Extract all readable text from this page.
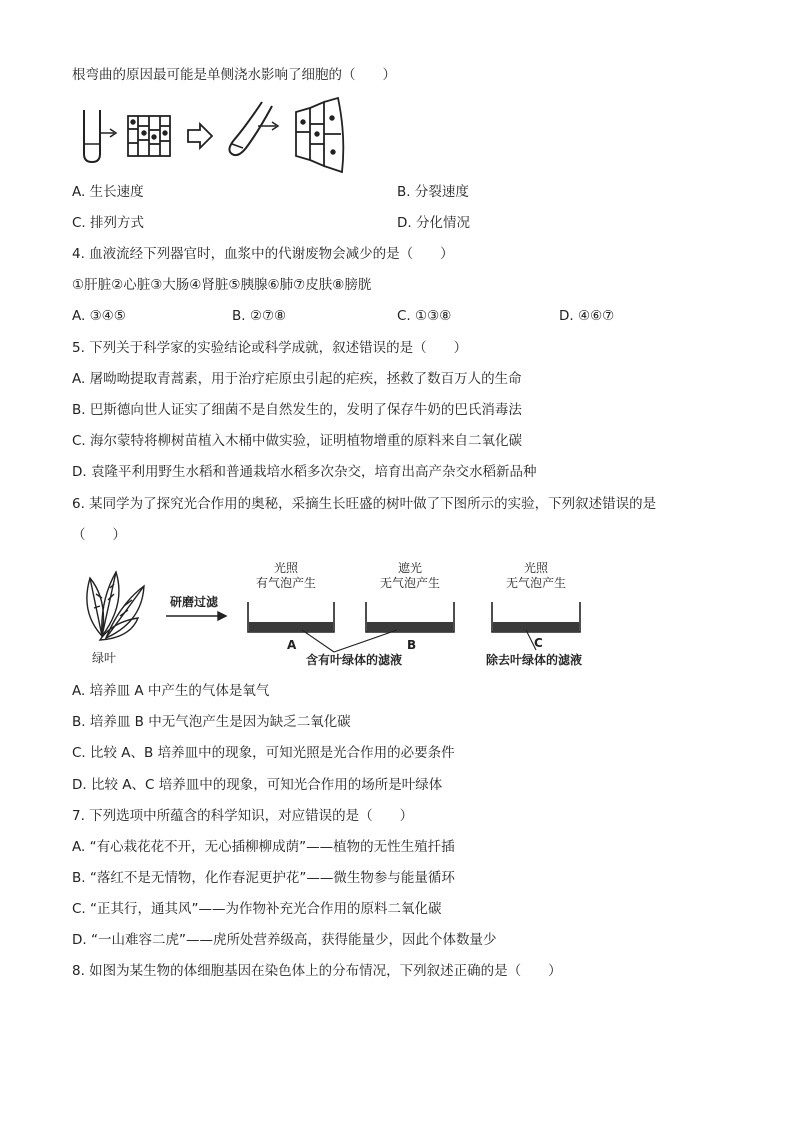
根弯曲的原因最可能是单侧浇水影响了细胞的（　　）
A. 生长速度	B. 分裂速度
C. 排列方式	D. 分化情况
4. 血液流经下列器官时，血浆中的代谢废物会减少的是（　　）
①肝脏②心脏③大肠④肾脏⑤胰腺⑥肺⑦皮肤⑧膀胱
A. ③④⑤	B. ②⑦⑧	C. ①③⑧	D. ④⑥⑦
5. 下列关于科学家的实验结论或科学成就，叙述错误的是（　　）
A. 屠呦呦提取青蒿素，用于治疗疟原虫引起的疟疾，拯救了数百万人的生命
B. 巴斯德向世人证实了细菌不是自然发生的，发明了保存牛奶的巴氏消毒法
C. 海尔蒙特将柳树苗植入木桶中做实验，证明植物增重的原料来自二氧化碳
D. 袁隆平利用野生水稻和普通栽培水稻多次杂交，培育出高产杂交水稻新品种
6. 某同学为了探究光合作用的奥秘，采摘生长旺盛的树叶做了下图所示的实验，下列叙述错误的是
（　　）
绿叶
研磨过滤
光照
有气泡产生
A
遮光
无气泡产生
B
光照
无气泡产生
C
含有叶绿体的滤液	除去叶绿体的滤液
A. 培养皿 A 中产生的气体是氧气
B. 培养皿 B 中无气泡产生是因为缺乏二氧化碳
C. 比较 A、B 培养皿中的现象，可知光照是光合作用的必要条件
D. 比较 A、C 培养皿中的现象，可知光合作用的场所是叶绿体
7. 下列选项中所蕴含的科学知识，对应错误的是（　　）
A. “有心栽花花不开，无心插柳柳成荫”——植物的无性生殖扦插
B. “落红不是无情物，化作春泥更护花”——微生物参与能量循环
C. “正其行，通其风”——为作物补充光合作用的原料二氧化碳
D. “一山难容二虎”——虎所处营养级高，获得能量少，因此个体数量少
8. 如图为某生物的体细胞基因在染色体上的分布情况，下列叙述正确的是（　　）
